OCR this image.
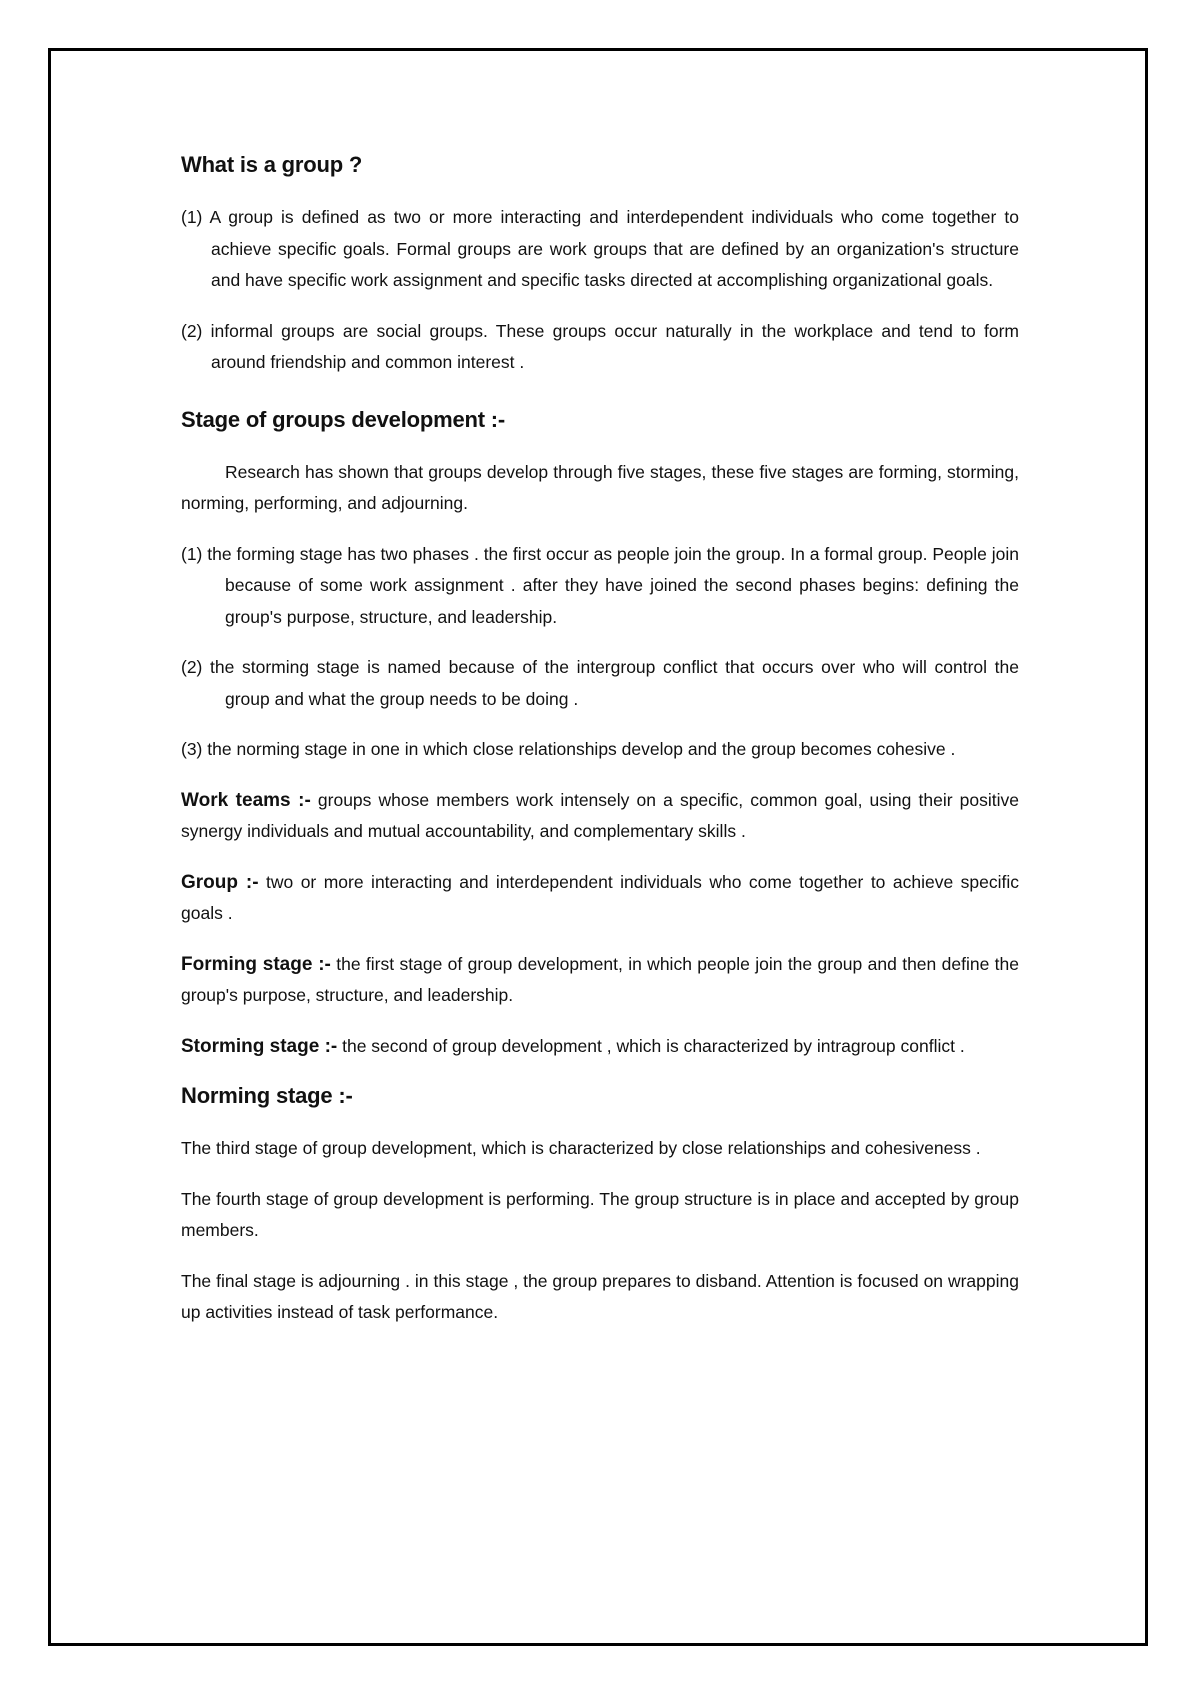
What is a group ?

(1) A group is defined as two or more interacting and interdependent individuals who come together to achieve specific goals. Formal groups are work groups that are defined by an organization's structure and have specific work assignment and specific tasks directed at accomplishing organizational goals.

(2) informal groups are social groups. These groups occur naturally in the workplace and tend to form around friendship and common interest .

Stage of groups development :-

Research has shown that groups develop through five stages, these five stages are forming, storming, norming, performing, and adjourning.

(1) the forming stage has two phases . the first occur as people join the group. In a formal group. People join because of some work assignment . after they have joined the second phases begins: defining the group's purpose, structure, and leadership.

(2) the storming stage is named because of the intergroup conflict that occurs over who will control the group and what the group needs to be doing .

(3) the norming stage in one in which close relationships develop and the group becomes cohesive .

Work teams :- groups whose members work intensely on a specific, common goal, using their positive synergy individuals and mutual accountability, and complementary skills .

Group :- two or more interacting and interdependent individuals who come together to achieve specific goals .

Forming stage :- the first stage of group development, in which people join the group and then define the group's purpose, structure, and leadership.

Storming stage :- the second of group development , which is characterized by intragroup conflict .

Norming stage :-

The third stage of group development, which is characterized by close relationships and cohesiveness .

The fourth stage of group development is performing. The group structure is in place and accepted by group members.

The final stage is adjourning . in this stage , the group prepares to disband. Attention is focused on wrapping up activities instead of task performance.
